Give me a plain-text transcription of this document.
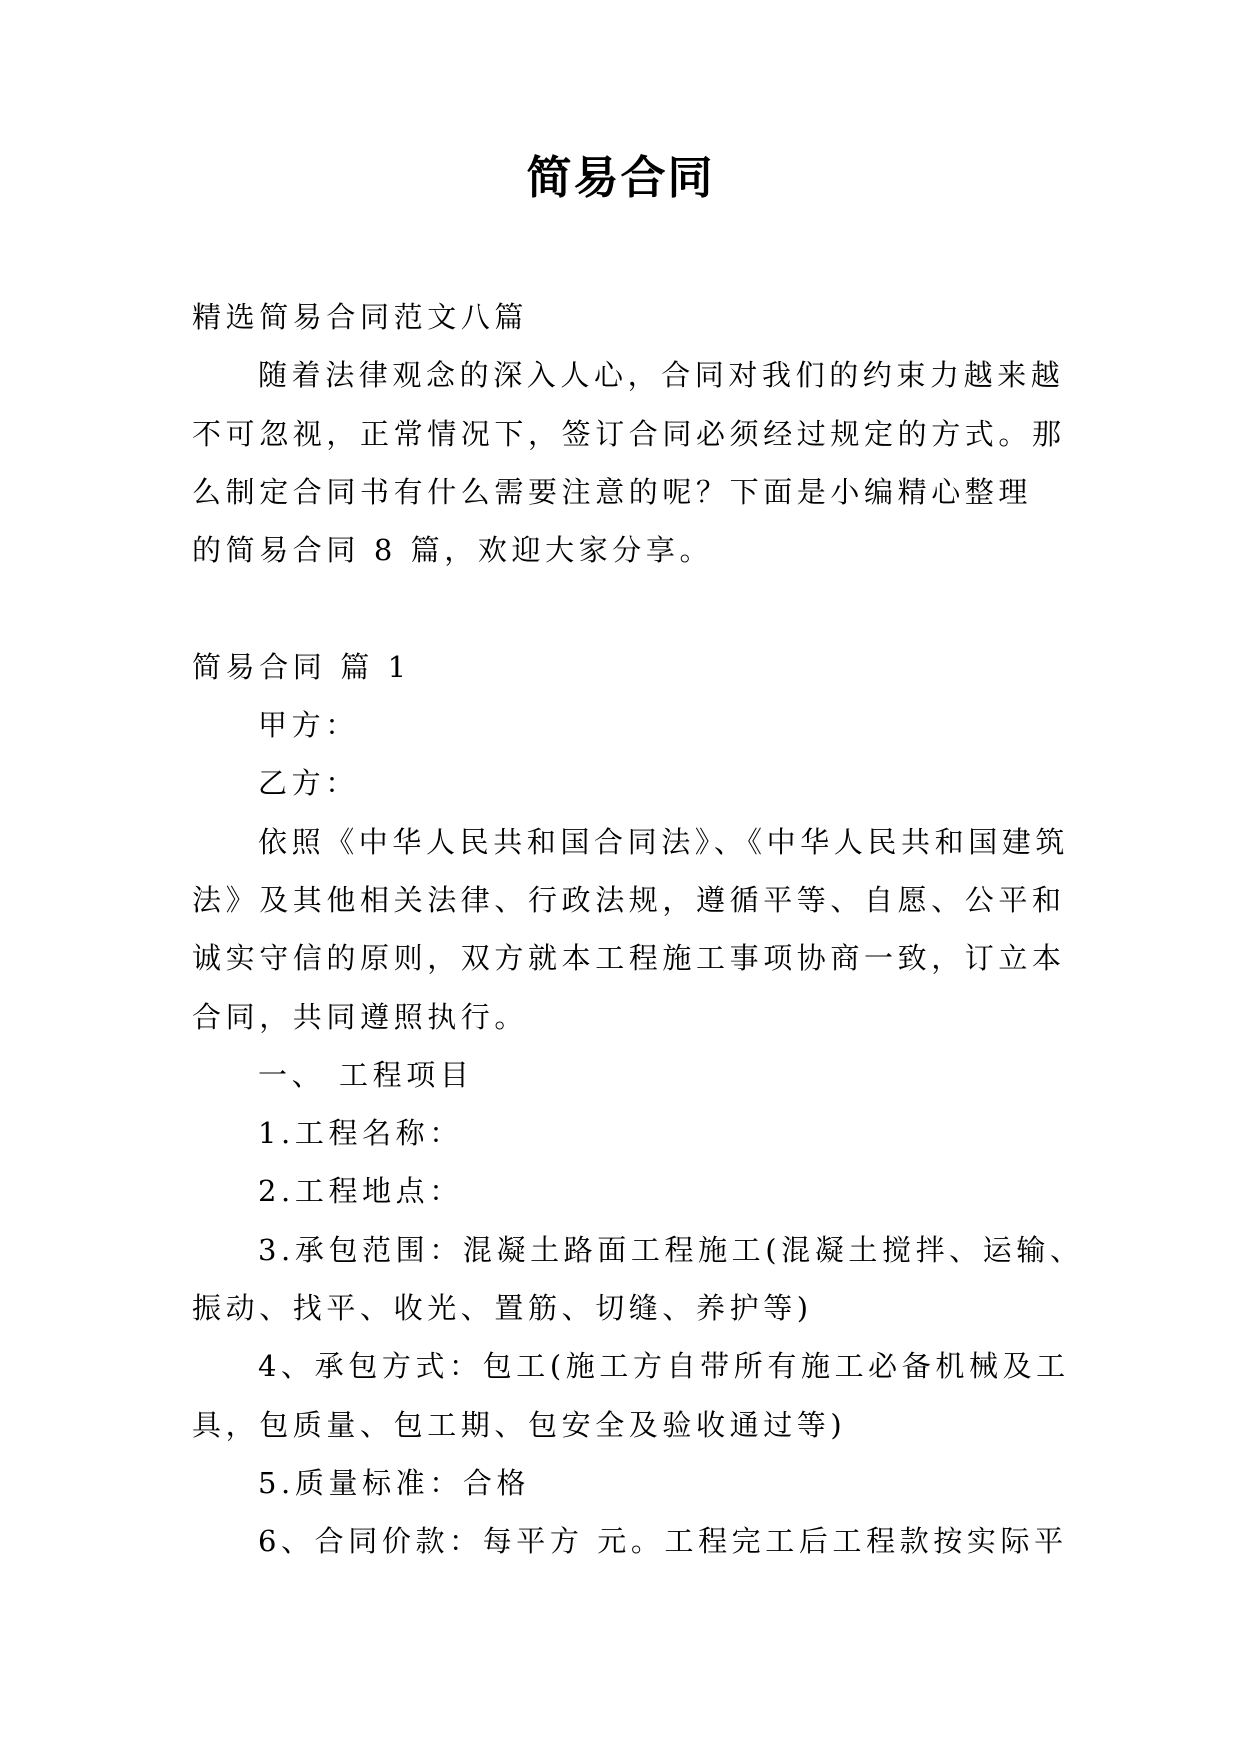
简易合同

精选简易合同范文八篇

随着法律观念的深入人心，合同对我们的约束力越来越

不可忽视，正常情况下，签订合同必须经过规定的方式。那

么制定合同书有什么需要注意的呢？下面是小编精心整理

的简易合同 8 篇，欢迎大家分享。

简易合同 篇 1

甲方：

乙方：

依照《中华人民共和国合同法》、《中华人民共和国建筑

法》及其他相关法律、行政法规，遵循平等、自愿、公平和

诚实守信的原则，双方就本工程施工事项协商一致，订立本

合同，共同遵照执行。

一、 工程项目

1.工程名称：

2.工程地点：

3.承包范围：混凝土路面工程施工(混凝土搅拌、运输、

振动、找平、收光、置筋、切缝、养护等)

4、承包方式：包工(施工方自带所有施工必备机械及工

具，包质量、包工期、包安全及验收通过等)

5.质量标准：合格

6、合同价款：每平方 元。工程完工后工程款按实际平
